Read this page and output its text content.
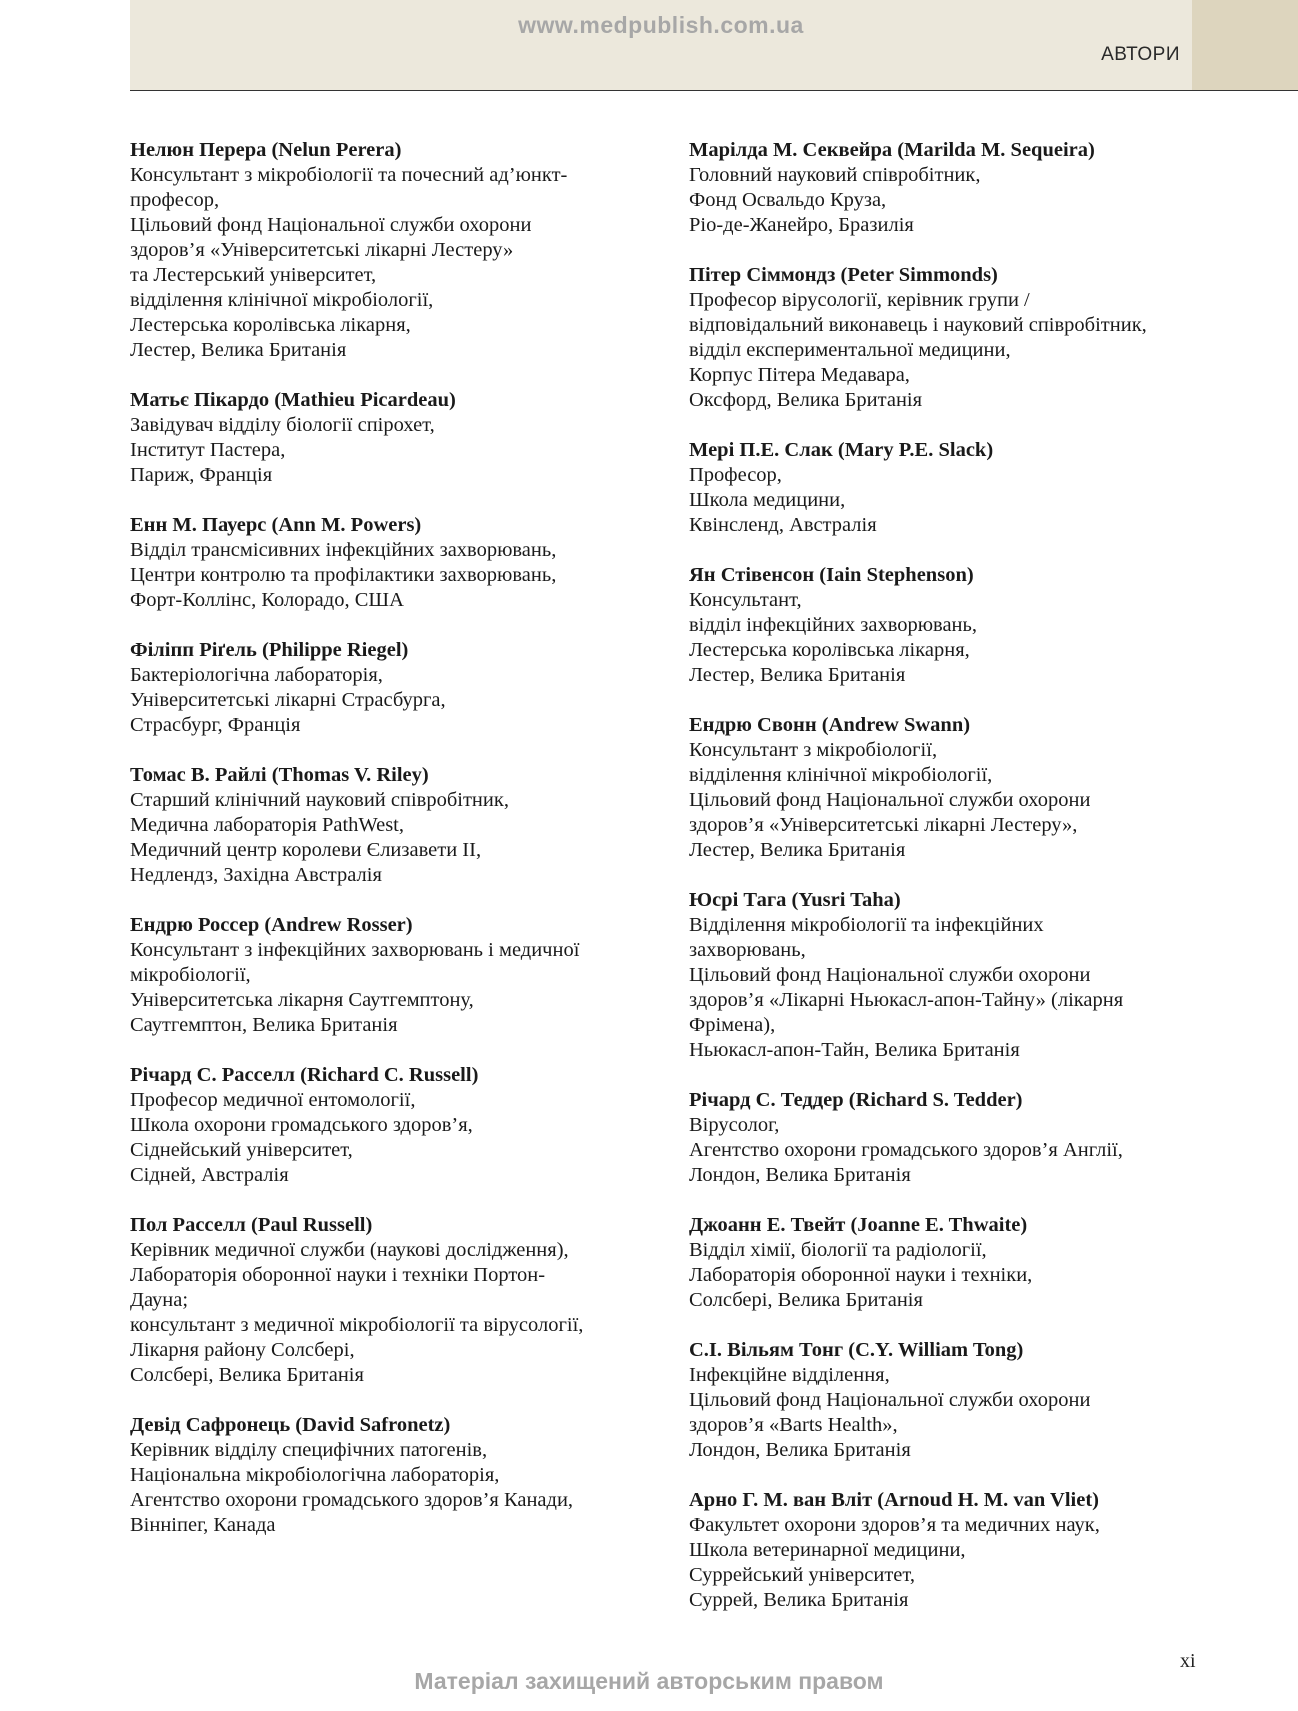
www.medpublish.com.ua
АВТОРИ
Нелюн Перера (Nelun Perera)
Консультант з мікробіології та почесний ад’юнкт-
професор,
Цільовий фонд Національної служби охорони
здоров’я «Університетські лікарні Лестеру»
та Лестерський університет,
відділення клінічної мікробіології,
Лестерська королівська лікарня,
Лестер, Велика Британія
Матьє Пікардо (Mathieu Picardeau)
Завідувач відділу біології спірохет,
Інститут Пастера,
Париж, Франція
Енн М. Пауерс (Ann M. Powers)
Відділ трансмісивних інфекційних захворювань,
Центри контролю та профілактики захворювань,
Форт-Коллінс, Колорадо, США
Філіпп Ріґель (Philippe Riegel)
Бактеріологічна лабораторія,
Університетські лікарні Страсбурга,
Страсбург, Франція
Томас В. Райлі (Thomas V. Riley)
Старший клінічний науковий співробітник,
Медична лабораторія PathWest,
Медичний центр королеви Єлизавети ІІ,
Недлендз, Західна Австралія
Ендрю Россер (Andrew Rosser)
Консультант з інфекційних захворювань і медичної
мікробіології,
Університетська лікарня Саутгемптону,
Саутгемптон, Велика Британія
Річард С. Расселл (Richard C. Russell)
Професор медичної ентомології,
Школа охорони громадського здоров’я,
Сіднейський університет,
Сідней, Австралія
Пол Расселл (Paul Russell)
Керівник медичної служби (наукові дослідження),
Лабораторія оборонної науки і техніки Портон-
Дауна;
консультант з медичної мікробіології та вірусології,
Лікарня району Солсбері,
Солсбері, Велика Британія
Девід Сафронець (David Safronetz)
Керівник відділу специфічних патогенів,
Національна мікробіологічна лабораторія,
Агентство охорони громадського здоров’я Канади,
Вінніпег, Канада
Марілда М. Секвейра (Marilda M. Sequeira)
Головний науковий співробітник,
Фонд Освальдо Круза,
Ріо-де-Жанейро, Бразилія
Пітер Сіммондз (Peter Simmonds)
Професор вірусології, керівник групи /
відповідальний виконавець і науковий співробітник,
відділ експериментальної медицини,
Корпус Пітера Медавара,
Оксфорд, Велика Британія
Мері П.Е. Слак (Mary P.E. Slack)
Професор,
Школа медицини,
Квінсленд, Австралія
Ян Стівенсон (Iain Stephenson)
Консультант,
відділ інфекційних захворювань,
Лестерська королівська лікарня,
Лестер, Велика Британія
Ендрю Свонн (Andrew Swann)
Консультант з мікробіології,
відділення клінічної мікробіології,
Цільовий фонд Національної служби охорони
здоров’я «Університетські лікарні Лестеру»,
Лестер, Велика Британія
Юсрі Тага (Yusri Taha)
Відділення мікробіології та інфекційних
захворювань,
Цільовий фонд Національної служби охорони
здоров’я «Лікарні Ньюкасл-апон-Тайну» (лікарня
Фрімена),
Ньюкасл-апон-Тайн, Велика Британія
Річард С. Теддер (Richard S. Tedder)
Вірусолог,
Агентство охорони громадського здоров’я Англії,
Лондон, Велика Британія
Джоанн Е. Твейт (Joanne E. Thwaite)
Відділ хімії, біології та радіології,
Лабораторія оборонної науки і техніки,
Солсбері, Велика Британія
С.І. Вільям Тонг (C.Y. William Tong)
Інфекційне відділення,
Цільовий фонд Національної служби охорони
здоров’я «Barts Health»,
Лондон, Велика Британія
Арно Г. М. ван Вліт (Arnoud H. M. van Vliet)
Факультет охорони здоров’я та медичних наук,
Школа ветеринарної медицини,
Суррейський університет,
Суррей, Велика Британія
xi
Матеріал захищений авторським правом
